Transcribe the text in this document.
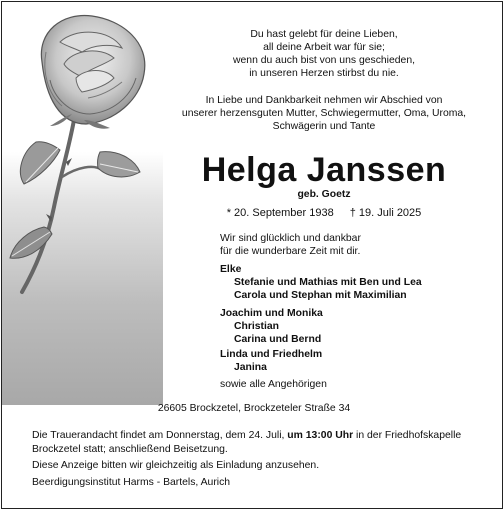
Du hast gelebt für deine Lieben,

all deine Arbeit war für sie;

wenn du auch bist von uns geschieden,

in unseren Herzen stirbst du nie.

In Liebe und Dankbarkeit nehmen wir Abschied von

unserer herzensguten Mutter, Schwiegermutter, Oma, Uroma,

Schwägerin und Tante

Helga Janssen

geb. Goetz

* 20. September 1938 † 19. Juli 2025

Wir sind glücklich und dankbar

für die wunderbare Zeit mit dir.

Elke

Stefanie und Mathias mit Ben und Lea

Carola und Stephan mit Maximilian

Joachim und Monika

Christian

Carina und Bernd

Linda und Friedhelm

Janina

sowie alle Angehörigen

26605 Brockzetel, Brockzeteler Straße 34

Die Trauerandacht findet am Donnerstag, dem 24. Juli, um 13:00 Uhr in der Friedhofskapelle

Brockzetel statt; anschließend Beisetzung.

Diese Anzeige bitten wir gleichzeitig als Einladung anzusehen.

Beerdigungsinstitut Harms - Bartels, Aurich
